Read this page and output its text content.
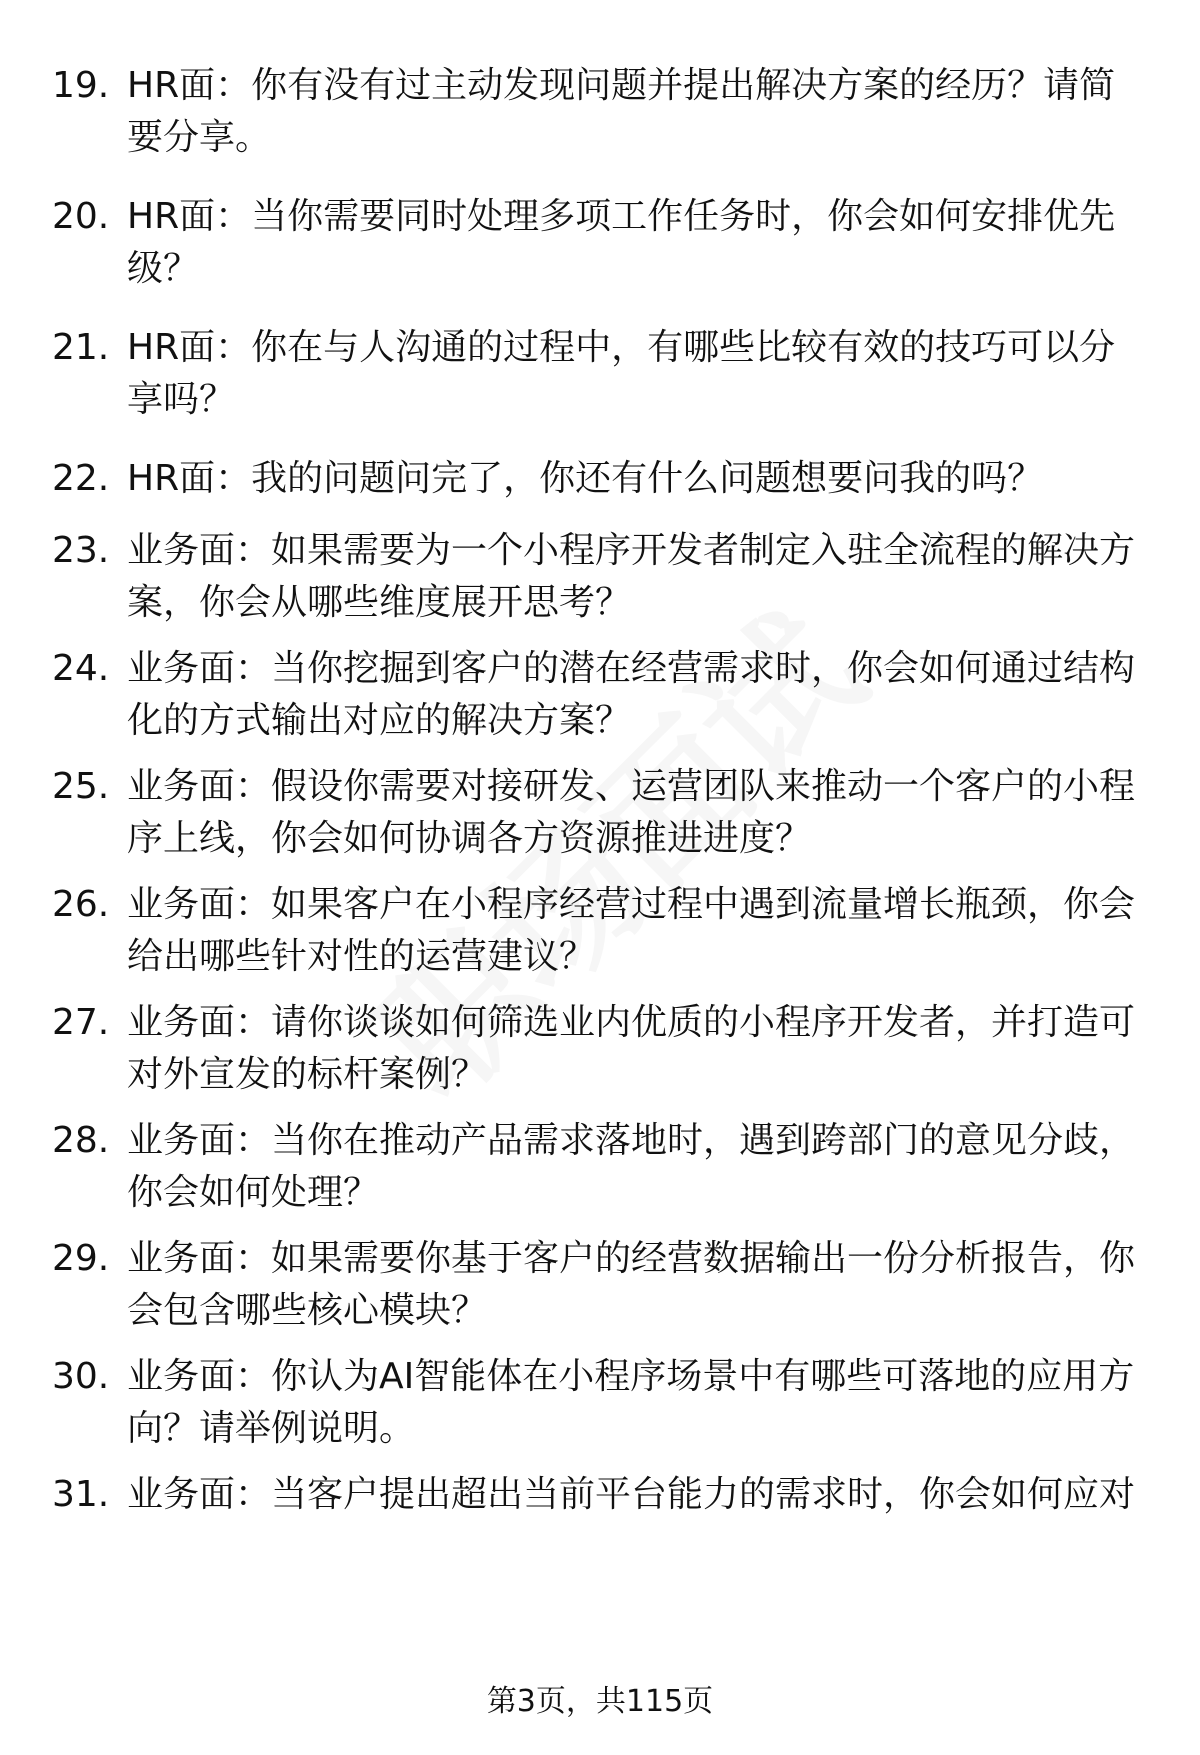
19. HR面：你有没有过主动发现问题并提出解决方案的经历？请简要分享。
20. HR面：当你需要同时处理多项工作任务时，你会如何安排优先级？
21. HR面：你在与人沟通的过程中，有哪些比较有效的技巧可以分享吗？
22. HR面：我的问题问完了，你还有什么问题想要问我的吗？
23. 业务面：如果需要为一个小程序开发者制定入驻全流程的解决方案，你会从哪些维度展开思考？
24. 业务面：当你挖掘到客户的潜在经营需求时，你会如何通过结构化的方式输出对应的解决方案？
25. 业务面：假设你需要对接研发、运营团队来推动一个客户的小程序上线，你会如何协调各方资源推进进度？
26. 业务面：如果客户在小程序经营过程中遇到流量增长瓶颈，你会给出哪些针对性的运营建议？
27. 业务面：请你谈谈如何筛选业内优质的小程序开发者，并打造可对外宣发的标杆案例？
28. 业务面：当你在推动产品需求落地时，遇到跨部门的意见分歧，你会如何处理？
29. 业务面：如果需要你基于客户的经营数据输出一份分析报告，你会包含哪些核心模块？
30. 业务面：你认为AI智能体在小程序场景中有哪些可落地的应用方向？请举例说明。
31. 业务面：当客户提出超出当前平台能力的需求时，你会如何应对
第3页，共115页
